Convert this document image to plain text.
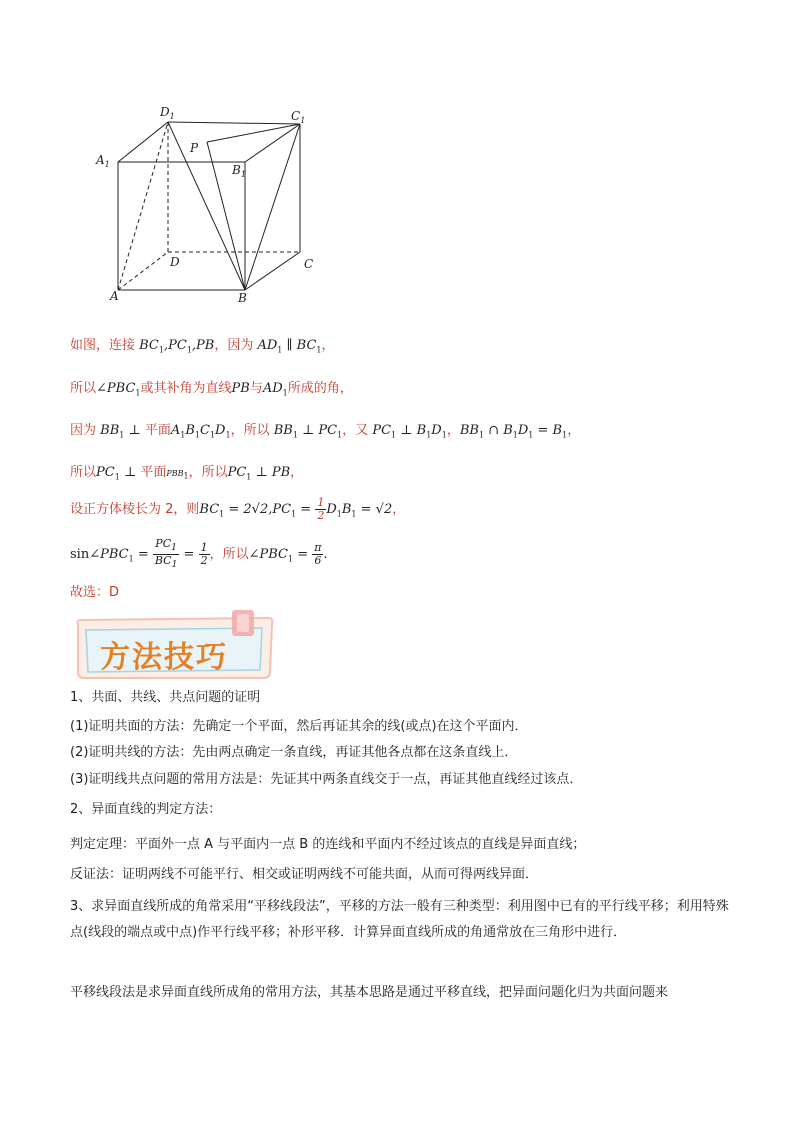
$D_1$	$C_1$
$A_1$	$B_1$
P
D	C
A	B
如图，连接 $BC_1,PC_1,PB$，因为 $AD_1$ ∥ $BC_1$，
所以$\angle PBC_1$或其补角为直线PB与$AD_1$所成的角，
因为 $BB_1$ ⊥ 平面$A_1B_1C_1D_1$，所以 $BB_1$ ⊥ $PC_1$，又 $PC_1$ ⊥ $B_1D_1$，$BB_1$ ∩ $B_1D_1 = B_1$，
所以$PC_1$ ⊥ 平面$PBB_1$，所以$PC_1$ ⊥ PB，
设正方体棱长为 2，则$BC_1 = 2√2,PC_1 = \frac{1}{2} D_1B_1 = √2$，
$\sin\angle PBC_1 = \frac{PC_1}{BC_1} = \frac{1}{2}$ ，所以$\angle PBC_1 = \frac{\pi}{6}$ .
故选：D
方法技巧
1、共面、共线、共点问题的证明
(1)证明共面的方法：先确定一个平面，然后再证其余的线(或点)在这个平面内．
(2)证明共线的方法：先由两点确定一条直线，再证其他各点都在这条直线上．
(3)证明线共点问题的常用方法是：先证其中两条直线交于一点，再证其他直线经过该点．
2、异面直线的判定方法：
判定定理：平面外一点 A 与平面内一点 B 的连线和平面内不经过该点的直线是异面直线；
反证法：证明两线不可能平行、相交或证明两线不可能共面，从而可得两线异面．
3、求异面直线所成的角常采用“平移线段法”，平移的方法一般有三种类型：利用图中已有的平行线平移；利用特殊点(线段的端点或中点)作平行线平移；补形平移．计算异面直线所成的角通常放在三角形中进行．
平移线段法是求异面直线所成角的常用方法，其基本思路是通过平移直线，把异面问题化归为共面问题来
